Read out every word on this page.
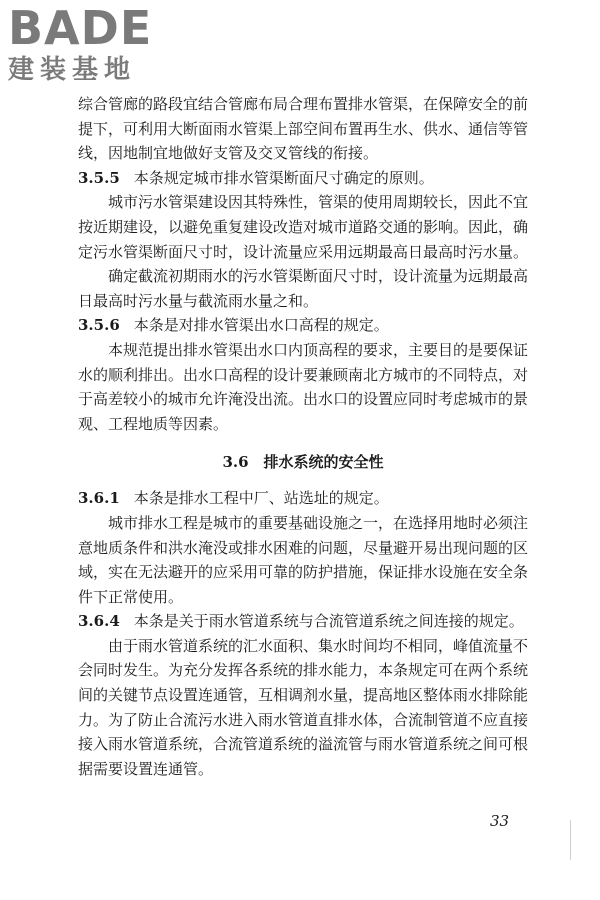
BADE
建装基地

综合管廊的路段宜结合管廊布局合理布置排水管渠，在保障安全的前提下，可利用大断面雨水管渠上部空间布置再生水、供水、通信等管线，因地制宜地做好支管及交叉管线的衔接。

3.5.5 本条规定城市排水管渠断面尺寸确定的原则。

城市污水管渠建设因其特殊性，管渠的使用周期较长，因此不宜按近期建设，以避免重复建设改造对城市道路交通的影响。因此，确定污水管渠断面尺寸时，设计流量应采用远期最高日最高时污水量。

确定截流初期雨水的污水管渠断面尺寸时，设计流量为远期最高日最高时污水量与截流雨水量之和。

3.5.6 本条是对排水管渠出水口高程的规定。

本规范提出排水管渠出水口内顶高程的要求，主要目的是要保证水的顺利排出。出水口高程的设计要兼顾南北方城市的不同特点，对于高差较小的城市允许淹没出流。出水口的设置应同时考虑城市的景观、工程地质等因素。

3.6　排水系统的安全性

3.6.1 本条是排水工程中厂、站选址的规定。

城市排水工程是城市的重要基础设施之一，在选择用地时必须注意地质条件和洪水淹没或排水困难的问题，尽量避开易出现问题的区域，实在无法避开的应采用可靠的防护措施，保证排水设施在安全条件下正常使用。

3.6.4 本条是关于雨水管道系统与合流管道系统之间连接的规定。

由于雨水管道系统的汇水面积、集水时间均不相同，峰值流量不会同时发生。为充分发挥各系统的排水能力，本条规定可在两个系统间的关键节点设置连通管，互相调剂水量，提高地区整体雨水排除能力。为了防止合流污水进入雨水管道直排水体，合流制管道不应直接接入雨水管道系统，合流管道系统的溢流管与雨水管道系统之间可根据需要设置连通管。

33
